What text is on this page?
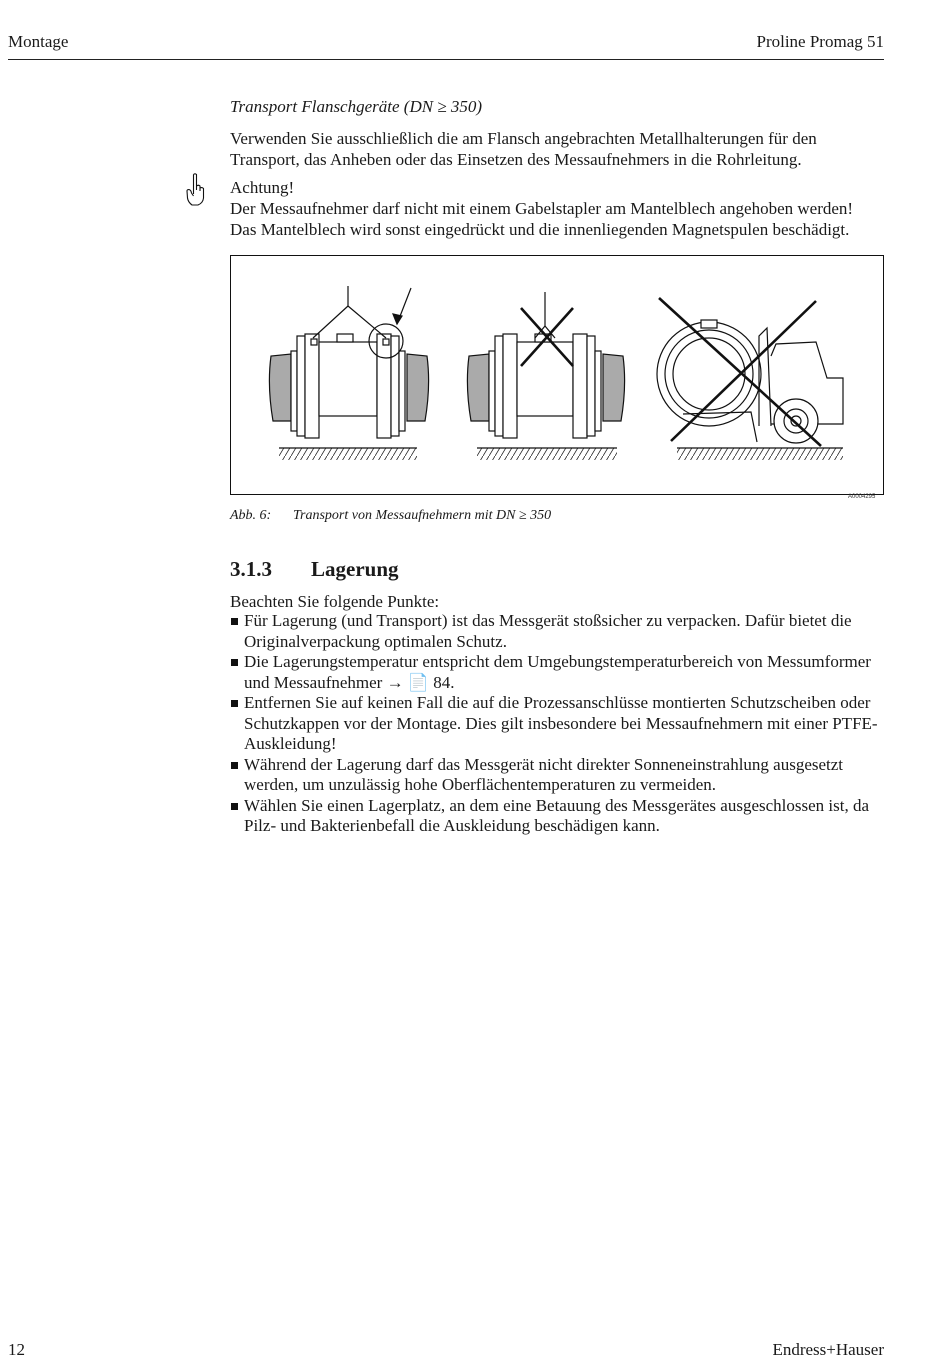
Montage	Proline Promag 51
Transport Flanschgeräte (DN ≥ 350)
Verwenden Sie ausschließlich die am Flansch angebrachten Metallhalterungen für den Transport, das Anheben oder das Einsetzen des Messaufnehmers in die Rohrleitung.
Achtung!
Der Messaufnehmer darf nicht mit einem Gabelstapler am Mantelblech angehoben werden!
Das Mantelblech wird sonst eingedrückt und die innenliegenden Magnetspulen beschädigt.
A0004295
Abb. 6: Transport von Messaufnehmern mit DN ≥ 350
3.1.3 Lagerung
Beachten Sie folgende Punkte:
Für Lagerung (und Transport) ist das Messgerät stoßsicher zu verpacken. Dafür bietet die Originalverpackung optimalen Schutz.
Die Lagerungstemperatur entspricht dem Umgebungstemperaturbereich von Messumformer und Messaufnehmer → 📄 84.
Entfernen Sie auf keinen Fall die auf die Prozessanschlüsse montierten Schutzscheiben oder Schutzkappen vor der Montage. Dies gilt insbesondere bei Messaufnehmern mit einer PTFE-Auskleidung!
Während der Lagerung darf das Messgerät nicht direkter Sonneneinstrahlung ausgesetzt werden, um unzulässig hohe Oberflächentemperaturen zu vermeiden.
Wählen Sie einen Lagerplatz, an dem eine Betauung des Messgerätes ausgeschlossen ist, da Pilz- und Bakterienbefall die Auskleidung beschädigen kann.
12	Endress+Hauser
